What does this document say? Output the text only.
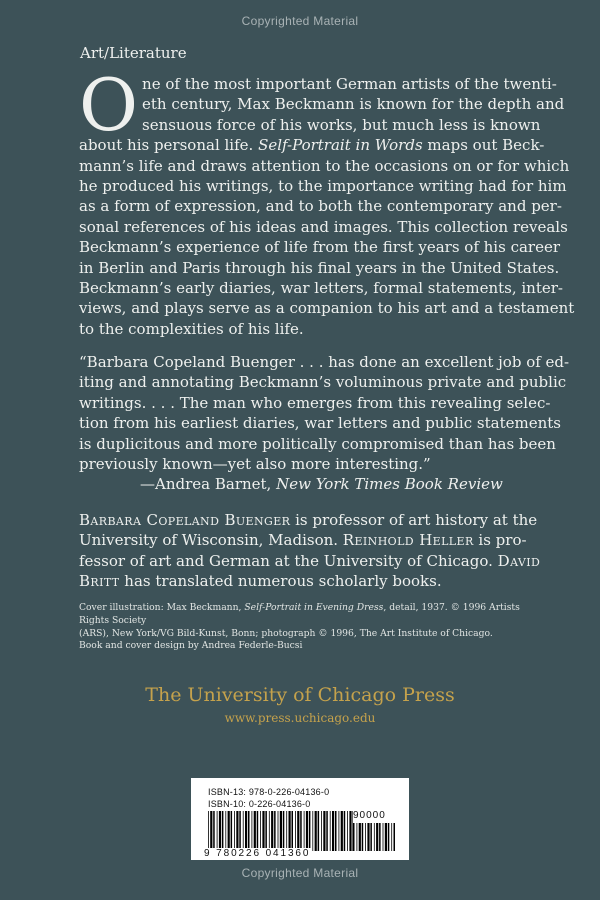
Copyrighted Material
Art/Literature
O ne of the most important German artists of the twenti-
eth century, Max Beckmann is known for the depth and
sensuous force of his works, but much less is known
about his personal life. Self-Portrait in Words maps out Beck-
mann’s life and draws attention to the occasions on or for which
he produced his writings, to the importance writing had for him
as a form of expression, and to both the contemporary and per-
sonal references of his ideas and images. This collection reveals
Beckmann’s experience of life from the first years of his career
in Berlin and Paris through his final years in the United States.
Beckmann’s early diaries, war letters, formal statements, inter-
views, and plays serve as a companion to his art and a testament
to the complexities of his life.
“Barbara Copeland Buenger . . . has done an excellent job of ed-
iting and annotating Beckmann’s voluminous private and public
writings. . . . The man who emerges from this revealing selec-
tion from his earliest diaries, war letters and public statements
is duplicitous and more politically compromised than has been
previously known—yet also more interesting.”
—Andrea Barnet, New York Times Book Review
Barbara Copeland Buenger is professor of art history at the
University of Wisconsin, Madison. Reinhold Heller is pro-
fessor of art and German at the University of Chicago. David
Britt has translated numerous scholarly books.
Cover illustration: Max Beckmann, Self-Portrait in Evening Dress, detail, 1937. © 1996 Artists Rights Society
(ARS), New York/VG Bild-Kunst, Bonn; photograph © 1996, The Art Institute of Chicago.
Book and cover design by Andrea Federle-Bucsi
The University of Chicago Press
www.press.uchicago.edu
ISBN-13: 978-0-226-04136-0
ISBN-10: 0-226-04136-0
90000
9 780226 041360
Copyrighted Material
